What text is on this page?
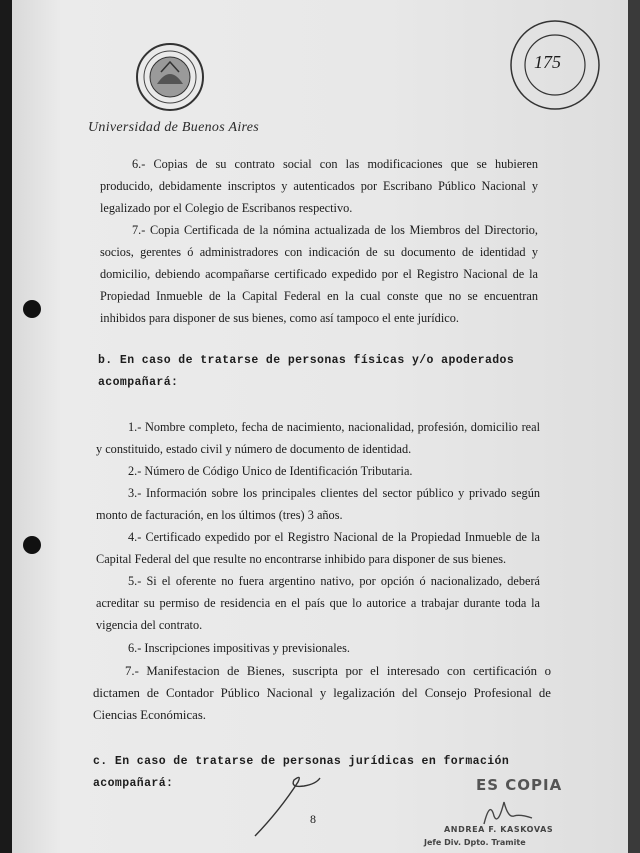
Universidad de Buenos Aires
175

6.- Copias de su contrato social con las modificaciones que se hubieren producido, debidamente inscriptos y autenticados por Escribano Público Nacional y legalizado por el Colegio de Escribanos respectivo.

7.- Copia Certificada de la nómina actualizada de los Miembros del Directorio, socios, gerentes ó administradores con indicación de su documento de identidad y domicilio, debiendo acompañarse certificado expedido por el Registro Nacional de la Propiedad Inmueble de la Capital Federal en la cual conste que no se encuentran inhibidos para disponer de sus bienes, como así tampoco el ente jurídico.

b. En caso de tratarse de personas físicas y/o apoderados acompañará:

1.- Nombre completo, fecha de nacimiento, nacionalidad, profesión, domicilio real y constituido, estado civil y número de documento de identidad.

2.- Número de Código Unico de Identificación Tributaria.

3.- Información sobre los principales clientes del sector público y privado según monto de facturación, en los últimos (tres) 3 años.

4.- Certificado expedido por el Registro Nacional de la Propiedad Inmueble de la Capital Federal del que resulte no encontrarse inhibido para disponer de sus bienes.

5.- Si el oferente no fuera argentino nativo, por opción ó nacionalizado, deberá acreditar su permiso de residencia en el país que lo autorice a trabajar durante toda la vigencia del contrato.

6.- Inscripciones impositivas y previsionales.

7.- Manifestacion de Bienes, suscripta por el interesado con certificación o dictamen de Contador Público Nacional y legalización del Consejo Profesional de Ciencias Económicas.

c. En caso de tratarse de personas jurídicas en formación acompañará:

8
ES COPIA
ANDREA F. KASKOVAS
Jefe Div. Dpto. Tramite
